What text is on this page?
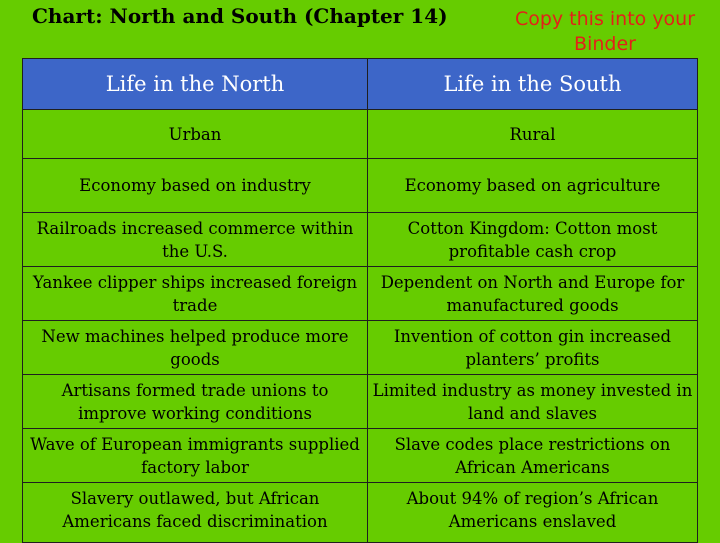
Chart: North and South (Chapter 14)	Copy this into your Binder
Life in the North	Life in the South
Urban	Rural
Economy based on industry	Economy based on agriculture
Railroads increased commerce within the U.S.	Cotton Kingdom: Cotton most profitable cash crop
Yankee clipper ships increased foreign trade	Dependent on North and Europe for manufactured goods
New machines helped produce more goods	Invention of cotton gin increased planters’ profits
Artisans formed trade unions to improve working conditions	Limited industry as money invested in land and slaves
Wave of European immigrants supplied factory labor	Slave codes place restrictions on African Americans
Slavery outlawed, but African Americans faced discrimination	About 94% of region’s African Americans enslaved
